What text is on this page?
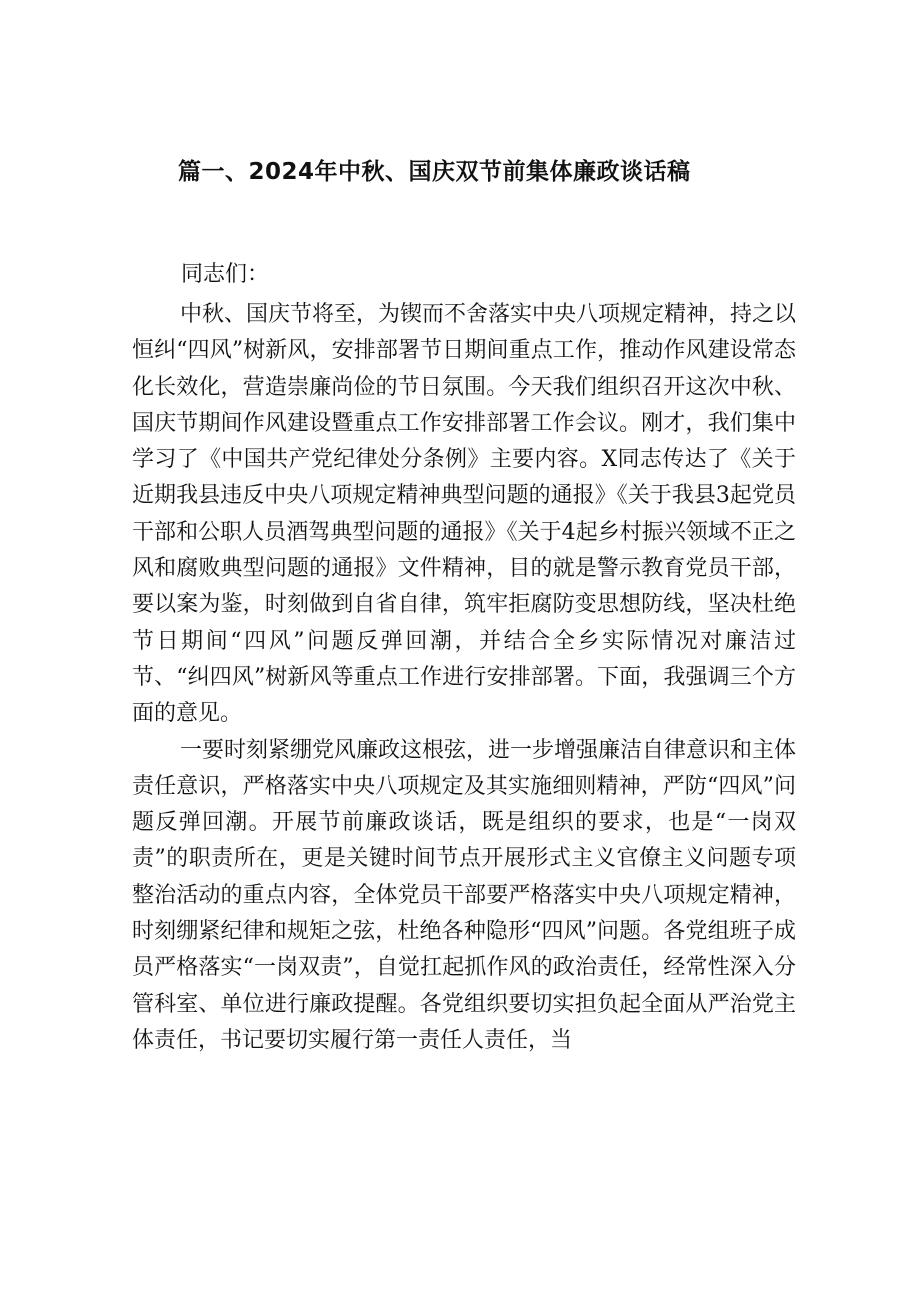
篇一、2024年中秋、国庆双节前集体廉政谈话稿

同志们：

中秋、国庆节将至，为锲而不舍落实中央八项规定精神，持之以恒纠“四风”树新风，安排部署节日期间重点工作，推动作风建设常态化长效化，营造崇廉尚俭的节日氛围。今天我们组织召开这次中秋、国庆节期间作风建设暨重点工作安排部署工作会议。刚才，我们集中学习了《中国共产党纪律处分条例》主要内容。X同志传达了《关于近期我县违反中央八项规定精神典型问题的通报》《关于我县3起党员干部和公职人员酒驾典型问题的通报》《关于4起乡村振兴领域不正之风和腐败典型问题的通报》文件精神，目的就是警示教育党员干部，要以案为鉴，时刻做到自省自律，筑牢拒腐防变思想防线，坚决杜绝节日期间“四风”问题反弹回潮，并结合全乡实际情况对廉洁过节、“纠四风”树新风等重点工作进行安排部署。下面，我强调三个方面的意见。

一要时刻紧绷党风廉政这根弦，进一步增强廉洁自律意识和主体责任意识，严格落实中央八项规定及其实施细则精神，严防“四风”问题反弹回潮。开展节前廉政谈话，既是组织的要求，也是“一岗双责”的职责所在，更是关键时间节点开展形式主义官僚主义问题专项整治活动的重点内容，全体党员干部要严格落实中央八项规定精神，时刻绷紧纪律和规矩之弦，杜绝各种隐形“四风”问题。各党组班子成员严格落实“一岗双责”，自觉扛起抓作风的政治责任，经常性深入分管科室、单位进行廉政提醒。各党组织要切实担负起全面从严治党主体责任，书记要切实履行第一责任人责任，当
